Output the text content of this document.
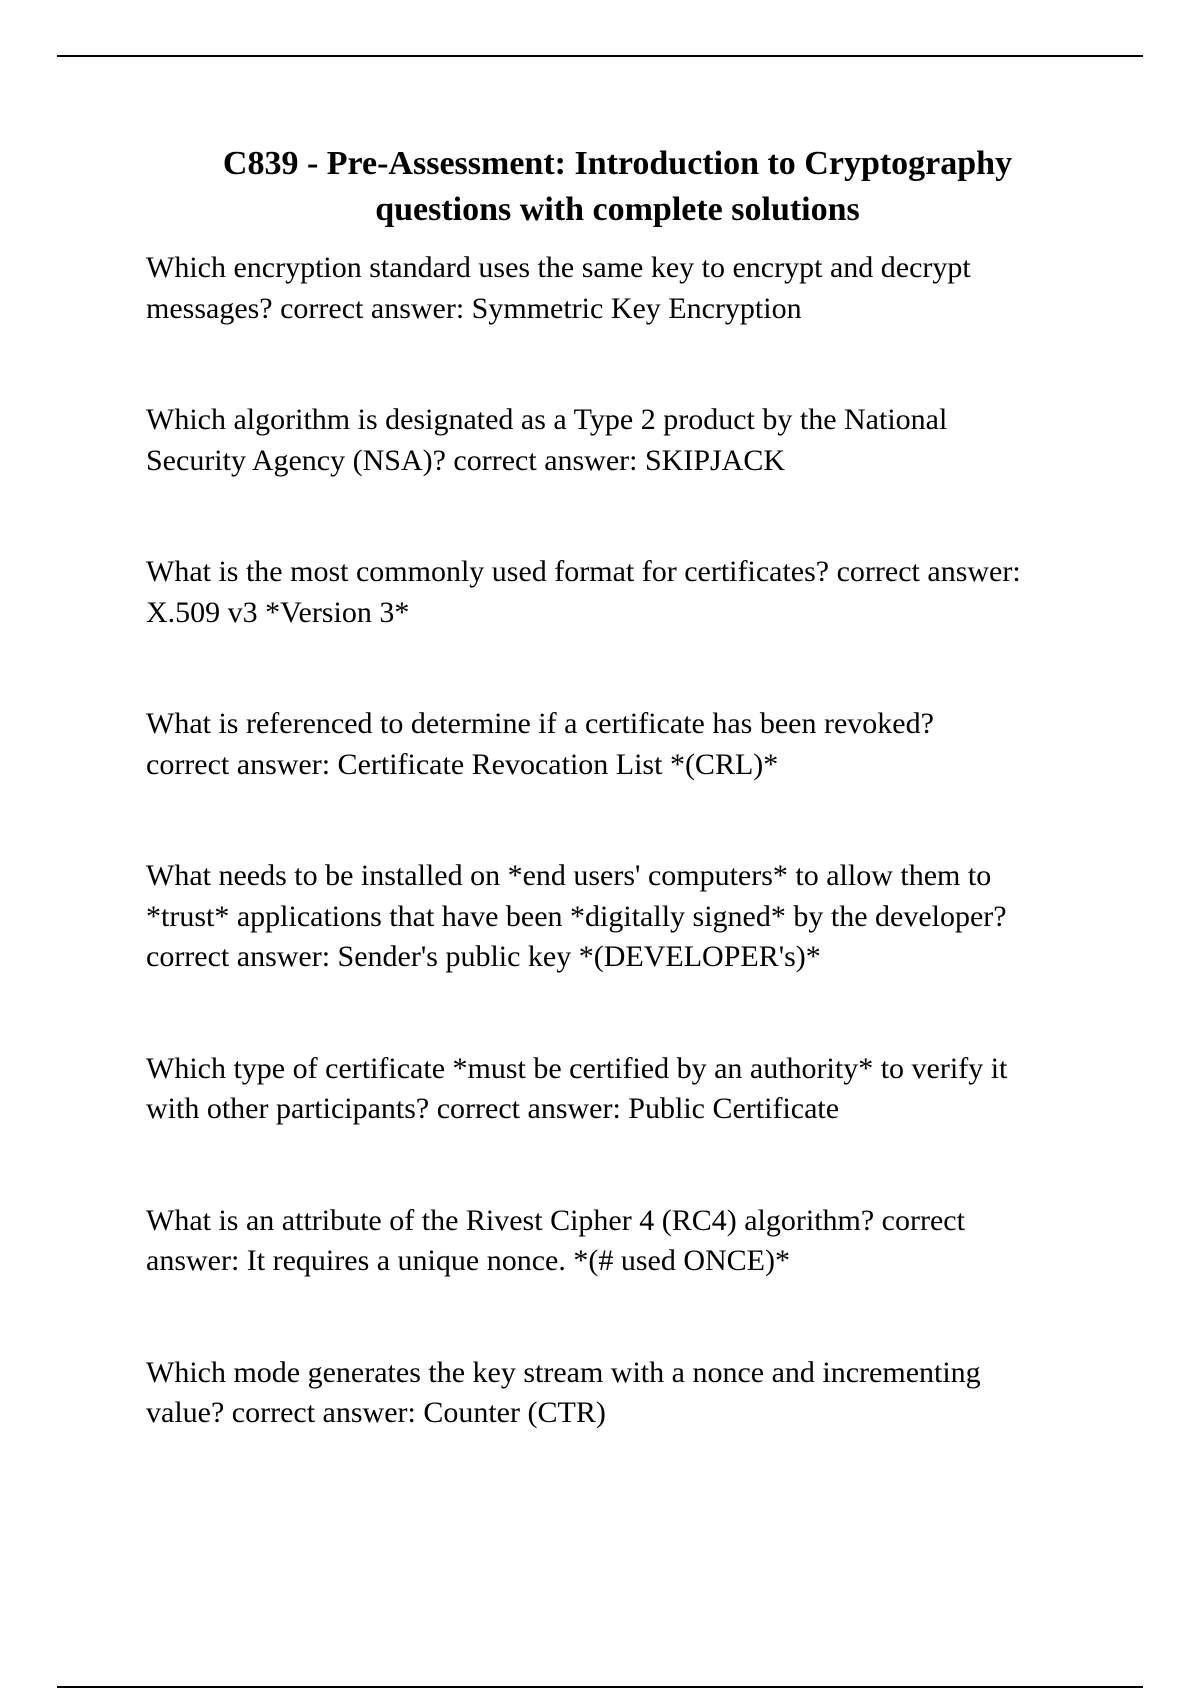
C839 - Pre-Assessment: Introduction to Cryptography
questions with complete solutions
Which encryption standard uses the same key to encrypt and decrypt
messages? correct answer: Symmetric Key Encryption
Which algorithm is designated as a Type 2 product by the National
Security Agency (NSA)? correct answer: SKIPJACK
What is the most commonly used format for certificates? correct answer:
X.509 v3 *Version 3*
What is referenced to determine if a certificate has been revoked?
correct answer: Certificate Revocation List *(CRL)*
What needs to be installed on *end users' computers* to allow them to
*trust* applications that have been *digitally signed* by the developer?
correct answer: Sender's public key *(DEVELOPER's)*
Which type of certificate *must be certified by an authority* to verify it
with other participants? correct answer: Public Certificate
What is an attribute of the Rivest Cipher 4 (RC4) algorithm? correct
answer: It requires a unique nonce. *(# used ONCE)*
Which mode generates the key stream with a nonce and incrementing
value? correct answer: Counter (CTR)
